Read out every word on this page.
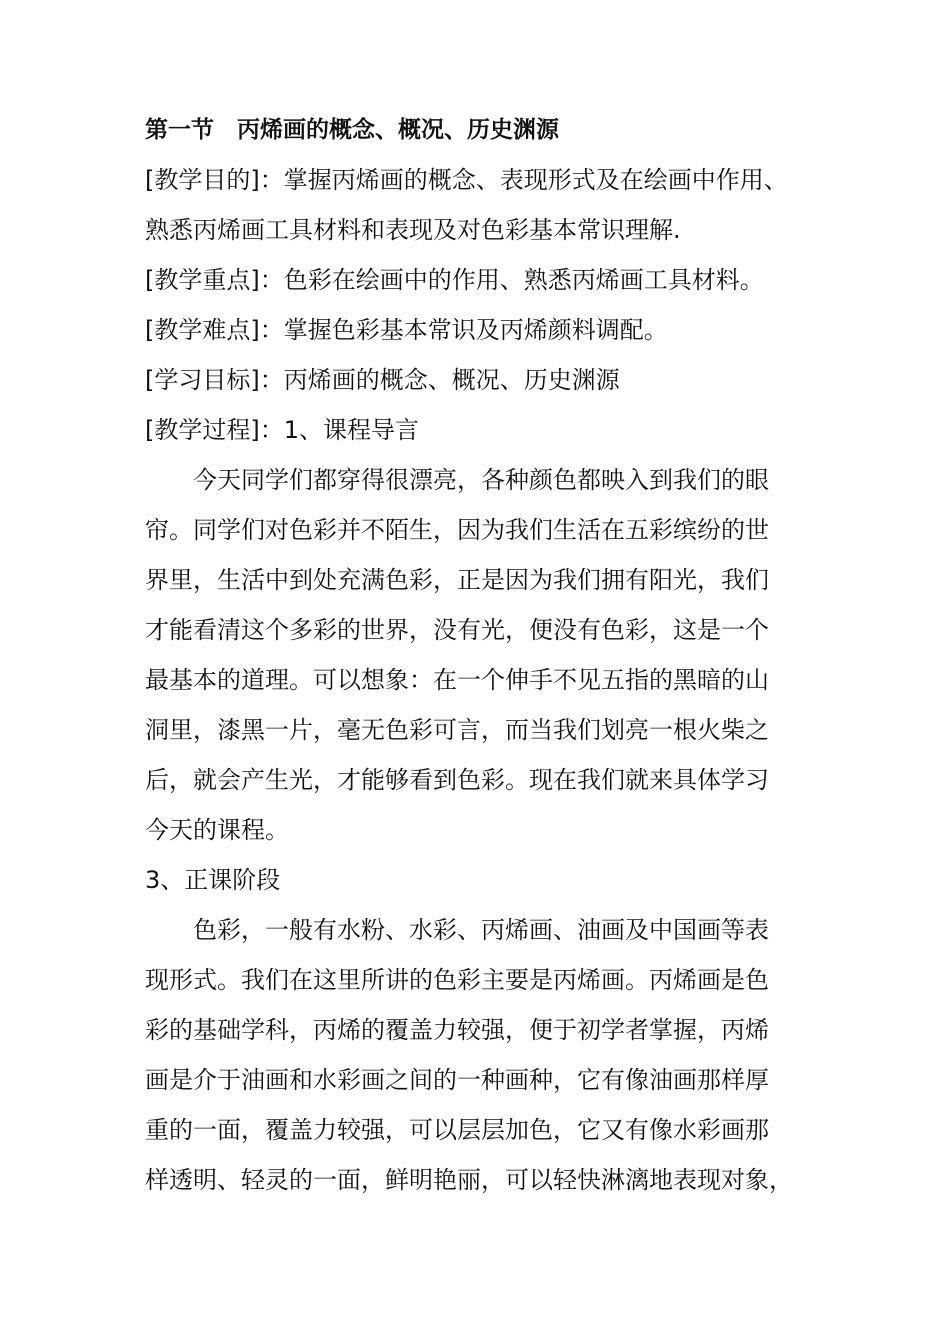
第一节　丙烯画的概念、概况、历史渊源
[教学目的]：掌握丙烯画的概念、表现形式及在绘画中作用、
熟悉丙烯画工具材料和表现及对色彩基本常识理解.
[教学重点]：色彩在绘画中的作用、熟悉丙烯画工具材料。
[教学难点]：掌握色彩基本常识及丙烯颜料调配。
[学习目标]：丙烯画的概念、概况、历史渊源
[教学过程]：1、课程导言
今天同学们都穿得很漂亮，各种颜色都映入到我们的眼
帘。同学们对色彩并不陌生，因为我们生活在五彩缤纷的世
界里，生活中到处充满色彩，正是因为我们拥有阳光，我们
才能看清这个多彩的世界，没有光，便没有色彩，这是一个
最基本的道理。可以想象：在一个伸手不见五指的黑暗的山
洞里，漆黑一片，毫无色彩可言，而当我们划亮一根火柴之
后，就会产生光，才能够看到色彩。现在我们就来具体学习
今天的课程。
3、正课阶段
色彩，一般有水粉、水彩、丙烯画、油画及中国画等表
现形式。我们在这里所讲的色彩主要是丙烯画。丙烯画是色
彩的基础学科，丙烯的覆盖力较强，便于初学者掌握，丙烯
画是介于油画和水彩画之间的一种画种，它有像油画那样厚
重的一面，覆盖力较强，可以层层加色，它又有像水彩画那
样透明、轻灵的一面，鲜明艳丽，可以轻快淋漓地表现对象，
